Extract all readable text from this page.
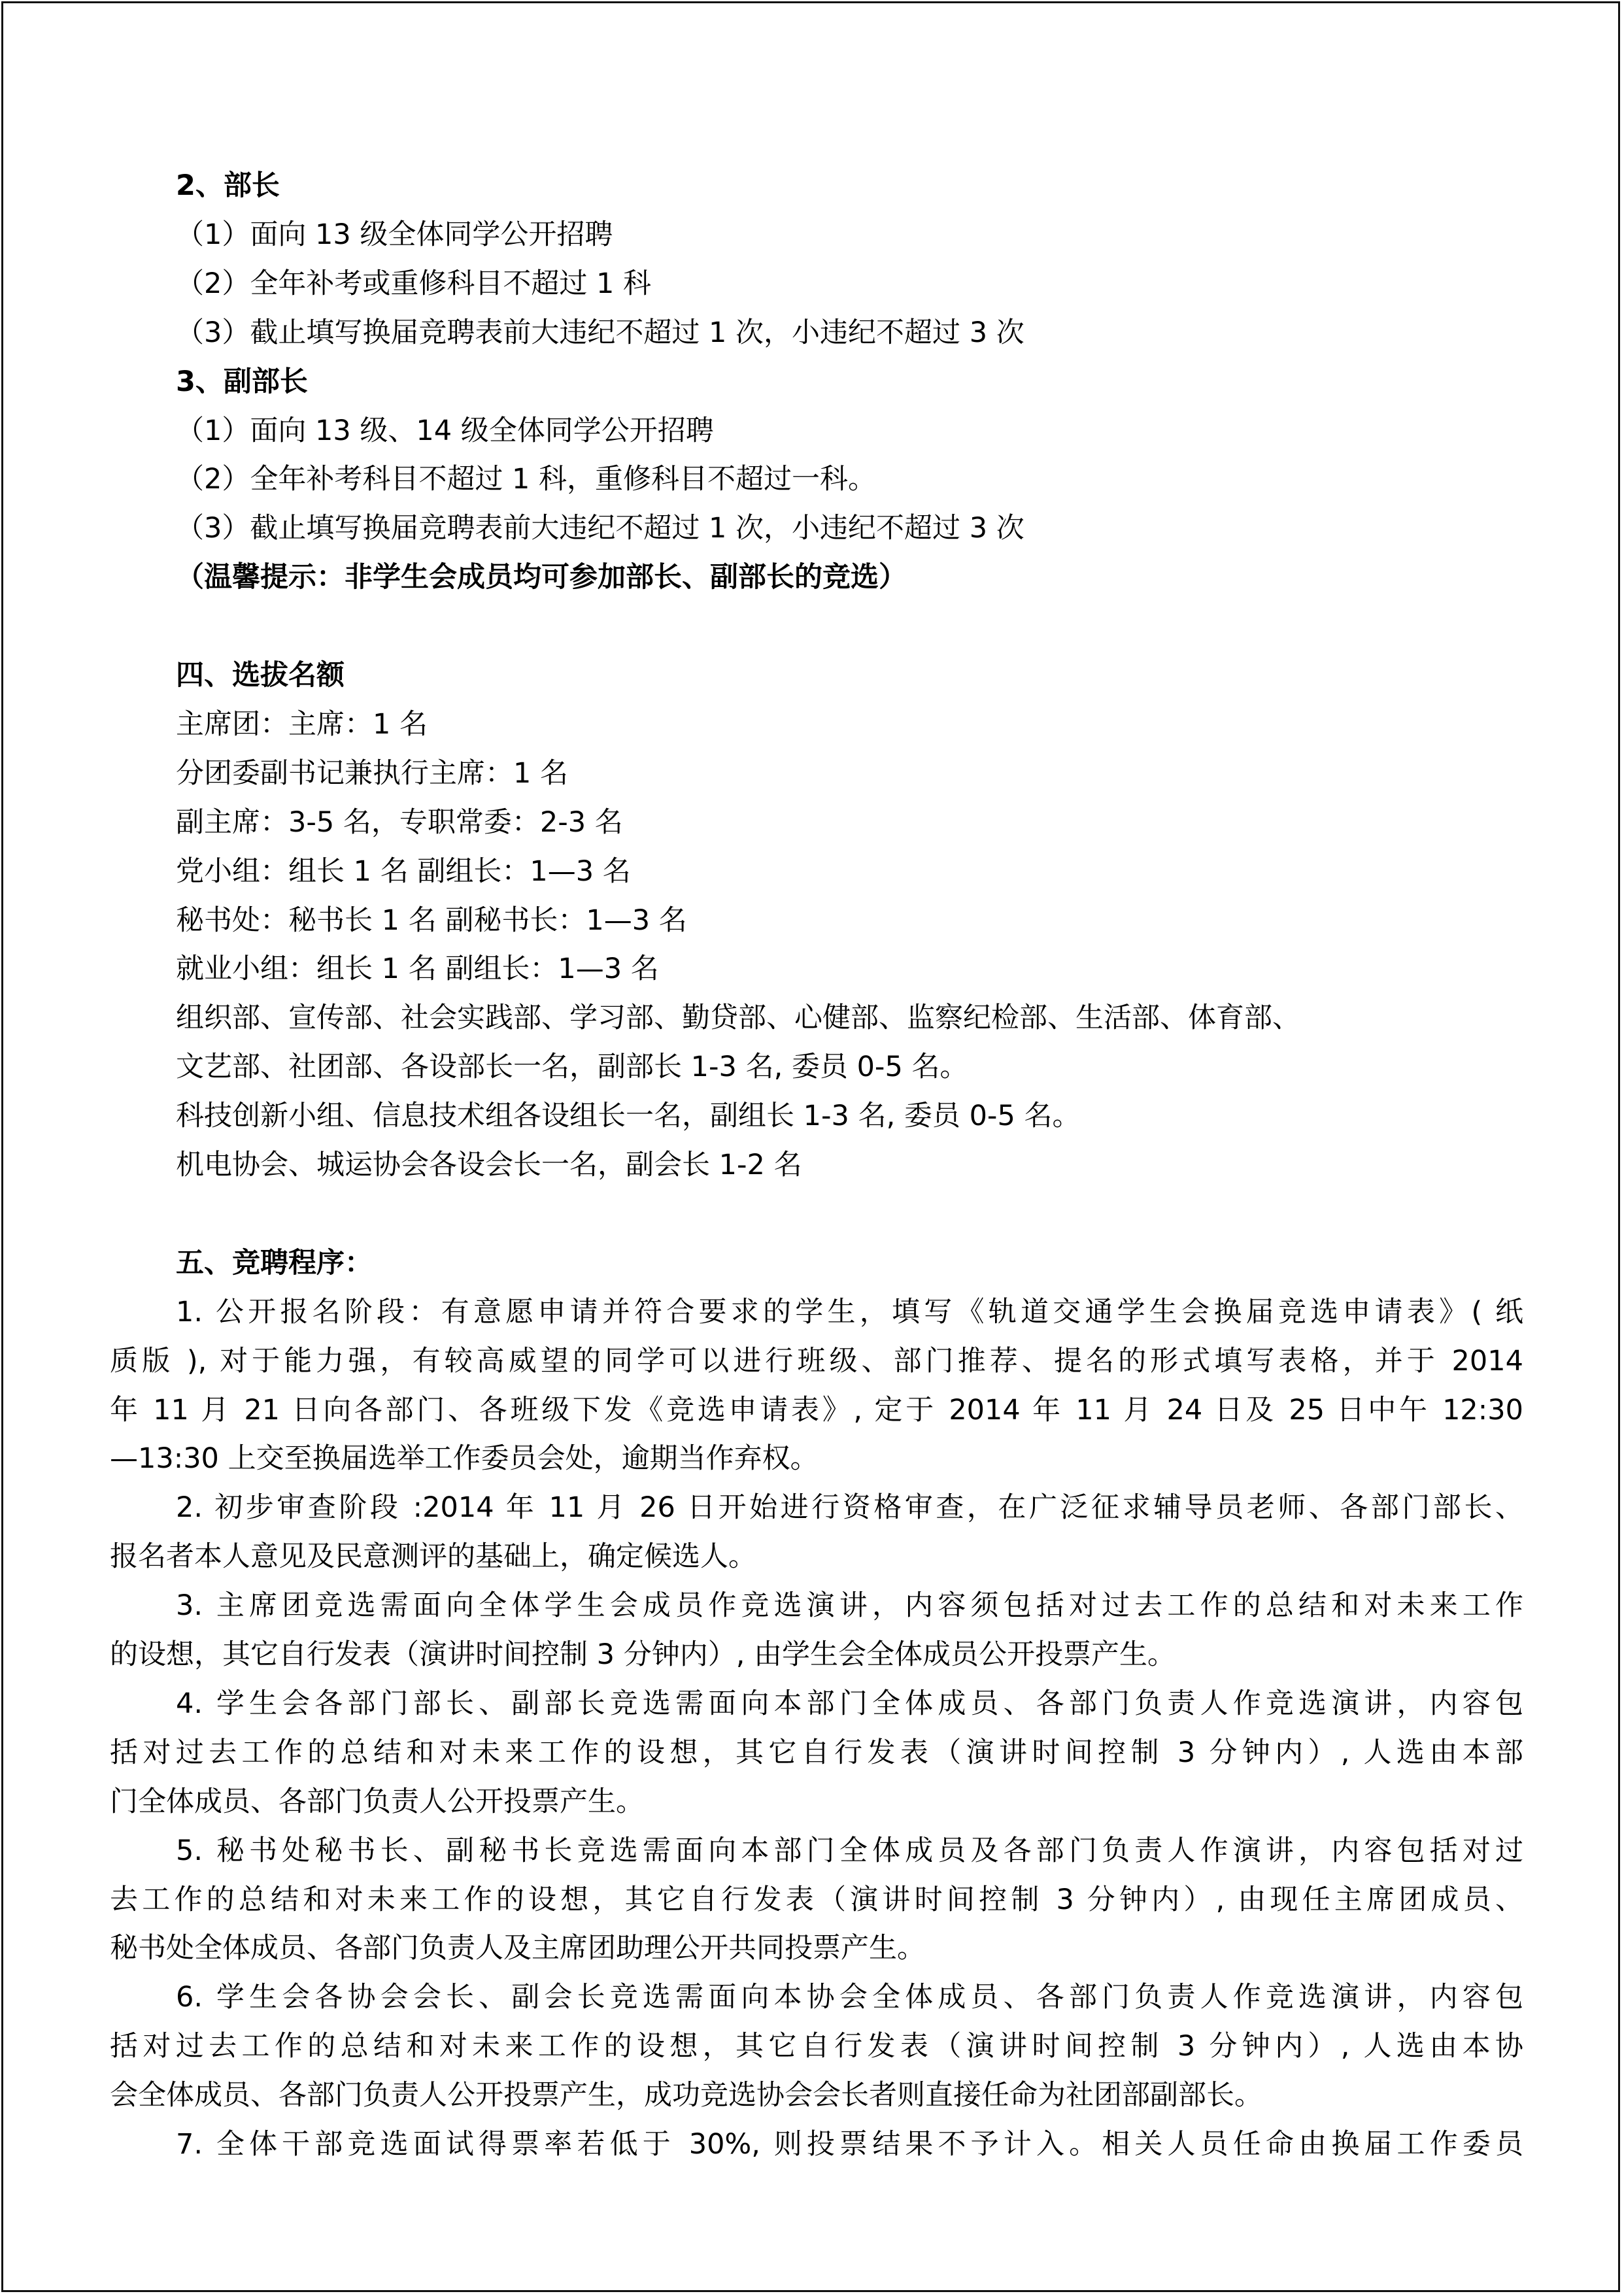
2、部长
（1）面向 13 级全体同学公开招聘
（2）全年补考或重修科目不超过 1 科
（3）截止填写换届竞聘表前大违纪不超过 1 次，小违纪不超过 3 次
3、副部长
（1）面向 13 级、14 级全体同学公开招聘
（2）全年补考科目不超过 1 科，重修科目不超过一科。
（3）截止填写换届竞聘表前大违纪不超过 1 次，小违纪不超过 3 次
（温馨提示：非学生会成员均可参加部长、副部长的竞选）
四、选拔名额
主席团：主席：1 名
分团委副书记兼执行主席：1 名
副主席：3-5 名，专职常委：2-3 名
党小组：组长 1 名 副组长：1—3 名
秘书处：秘书长 1 名 副秘书长：1—3 名
就业小组：组长 1 名 副组长：1—3 名
组织部、宣传部、社会实践部、学习部、勤贷部、心健部、监察纪检部、生活部、体育部、
文艺部、社团部、各设部长一名，副部长 1-3 名, 委员 0-5 名。
科技创新小组、信息技术组各设组长一名，副组长 1-3 名, 委员 0-5 名。
机电协会、城运协会各设会长一名，副会长 1-2 名
五、竞聘程序：
1. 公开报名阶段：有意愿申请并符合要求的学生，填写《轨道交通学生会换届竞选申请表》( 纸
质版 ), 对于能力强，有较高威望的同学可以进行班级、部门推荐、提名的形式填写表格，并于 2014
年 11 月 21 日向各部门、各班级下发《竞选申请表》, 定于 2014 年 11 月 24 日及 25 日中午 12:30
—13:30 上交至换届选举工作委员会处，逾期当作弃权。
2. 初步审查阶段 :2014 年 11 月 26 日开始进行资格审查，在广泛征求辅导员老师、各部门部长、
报名者本人意见及民意测评的基础上，确定候选人。
3. 主席团竞选需面向全体学生会成员作竞选演讲，内容须包括对过去工作的总结和对未来工作
的设想，其它自行发表（演讲时间控制 3 分钟内）, 由学生会全体成员公开投票产生。
4. 学生会各部门部长、副部长竞选需面向本部门全体成员、各部门负责人作竞选演讲，内容包
括对过去工作的总结和对未来工作的设想，其它自行发表（演讲时间控制 3 分钟内）, 人选由本部
门全体成员、各部门负责人公开投票产生。
5. 秘书处秘书长、副秘书长竞选需面向本部门全体成员及各部门负责人作演讲，内容包括对过
去工作的总结和对未来工作的设想，其它自行发表（演讲时间控制 3 分钟内）, 由现任主席团成员、
秘书处全体成员、各部门负责人及主席团助理公开共同投票产生。
6. 学生会各协会会长、副会长竞选需面向本协会全体成员、各部门负责人作竞选演讲，内容包
括对过去工作的总结和对未来工作的设想，其它自行发表（演讲时间控制 3 分钟内）, 人选由本协
会全体成员、各部门负责人公开投票产生，成功竞选协会会长者则直接任命为社团部副部长。
7. 全体干部竞选面试得票率若低于 30%, 则投票结果不予计入。相关人员任命由换届工作委员
